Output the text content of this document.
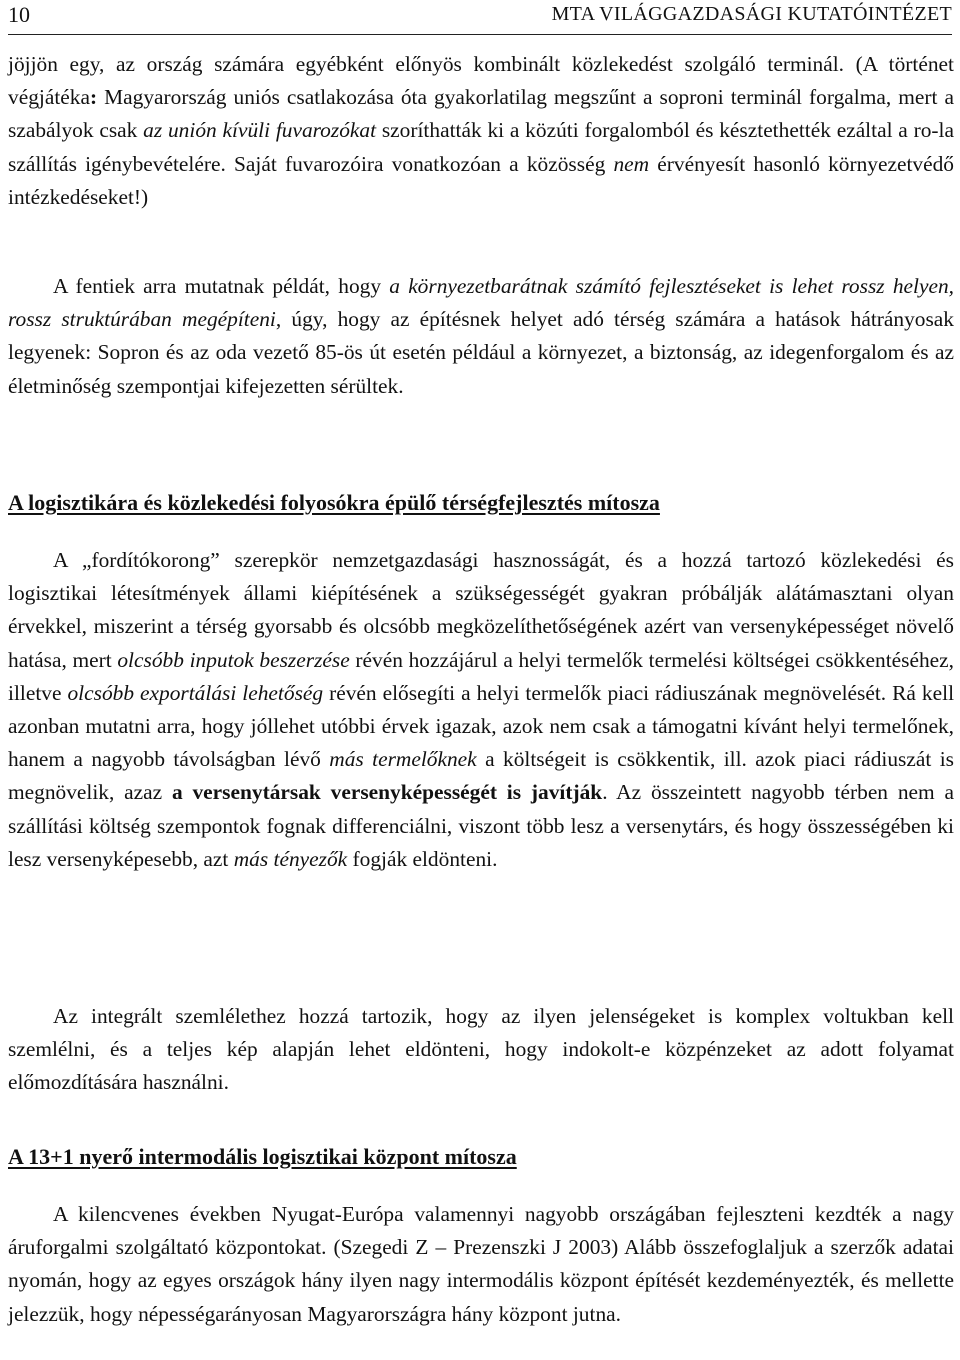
10	MTA VILÁGGAZDASÁGI KUTATÓINTÉZET

jöjjön egy, az ország számára egyébként előnyös kombinált közlekedést szolgáló terminál. (A történet végjátéka: Magyarország uniós csatlakozása óta gyakorlatilag megszűnt a soproni terminál forgalma, mert a szabályok csak az unión kívüli fuvarozókat szoríthatták ki a közúti forgalomból és késztethették ezáltal a ro-la szállítás igénybevételére. Saját fuvarozóira vonatkozóan a közösség nem érvényesít hasonló környezetvédő intézkedéseket!)

A fentiek arra mutatnak példát, hogy a környezetbarátnak számító fejlesztéseket is lehet rossz helyen, rossz struktúrában megépíteni, úgy, hogy az építésnek helyet adó térség számára a hatások hátrányosak legyenek: Sopron és az oda vezető 85-ös út esetén például a környezet, a biztonság, az idegenforgalom és az életminőség szempontjai kifejezetten sérültek.

A logisztikára és közlekedési folyosókra épülő térségfejlesztés mítosza

A „fordítókorong” szerepkör nemzetgazdasági hasznosságát, és a hozzá tartozó közlekedési és logisztikai létesítmények állami kiépítésének a szükségességét gyakran próbálják alátámasztani olyan érvekkel, miszerint a térség gyorsabb és olcsóbb megközelíthetőségének azért van versenyképességet növelő hatása, mert olcsóbb inputok beszerzése révén hozzájárul a helyi termelők termelési költségei csökkentéséhez, illetve olcsóbb exportálási lehetőség révén elősegíti a helyi termelők piaci rádiuszának megnövelését. Rá kell azonban mutatni arra, hogy jóllehet utóbbi érvek igazak, azok nem csak a támogatni kívánt helyi termelőnek, hanem a nagyobb távolságban lévő más termelőknek a költségeit is csökkentik, ill. azok piaci rádiuszát is megnövelik, azaz a versenytársak versenyképességét is javítják. Az összeintett nagyobb térben nem a szállítási költség szempontok fognak differenciálni, viszont több lesz a versenytárs, és hogy összességében ki lesz versenyképesebb, azt más tényezők fogják eldönteni.

Az integrált szemlélethez hozzá tartozik, hogy az ilyen jelenségeket is komplex voltukban kell szemlélni, és a teljes kép alapján lehet eldönteni, hogy indokolt-e közpénzeket az adott folyamat előmozdítására használni.

A 13+1 nyerő intermodális logisztikai központ mítosza

A kilencvenes években Nyugat-Európa valamennyi nagyobb országában fejleszteni kezdték a nagy áruforgalmi szolgáltató központokat. (Szegedi Z – Prezenszki J 2003) Alább összefoglaljuk a szerzők adatai nyomán, hogy az egyes országok hány ilyen nagy intermodális központ építését kezdeményezték, és mellette jelezzük, hogy népességarányosan Magyarországra hány központ jutna.
